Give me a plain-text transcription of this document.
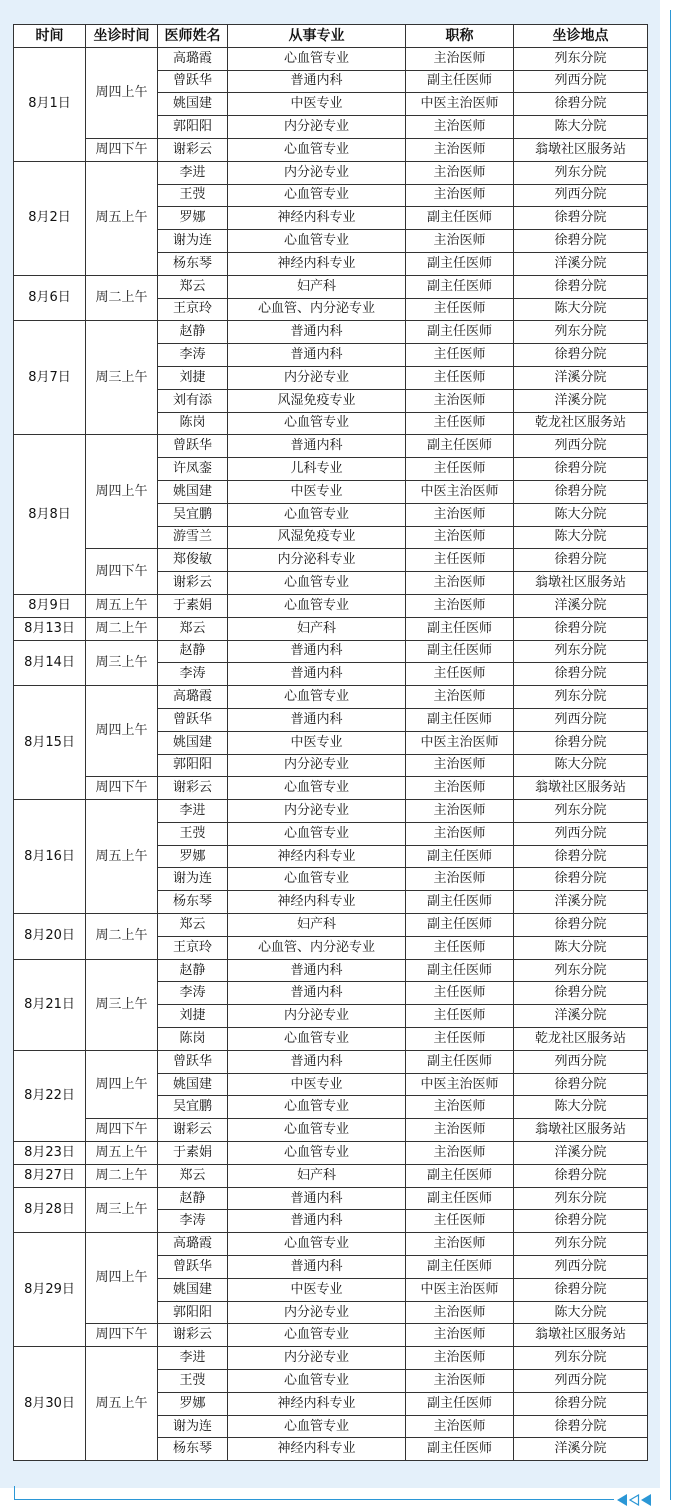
时间	坐诊时间	医师姓名	从事专业	职称	坐诊地点
8月1日	周四上午	高璐霞	心血管专业	主治医师	列东分院
		曾跃华	普通内科	副主任医师	列西分院
		姚国建	中医专业	中医主治医师	徐碧分院
		郭阳阳	内分泌专业	主治医师	陈大分院
	周四下午	谢彩云	心血管专业	主治医师	翁墩社区服务站
8月2日	周五上午	李进	内分泌专业	主治医师	列东分院
		王弢	心血管专业	主治医师	列西分院
		罗娜	神经内科专业	副主任医师	徐碧分院
		谢为连	心血管专业	主治医师	徐碧分院
		杨东琴	神经内科专业	副主任医师	洋溪分院
8月6日	周二上午	郑云	妇产科	副主任医师	徐碧分院
		王京玲	心血管、内分泌专业	主任医师	陈大分院
8月7日	周三上午	赵静	普通内科	副主任医师	列东分院
		李涛	普通内科	主任医师	徐碧分院
		刘捷	内分泌专业	主任医师	洋溪分院
		刘有添	风湿免疫专业	主治医师	洋溪分院
		陈岗	心血管专业	主任医师	乾龙社区服务站
8月8日	周四上午	曾跃华	普通内科	副主任医师	列西分院
		许凤銮	儿科专业	主任医师	徐碧分院
		姚国建	中医专业	中医主治医师	徐碧分院
		吴宜鹏	心血管专业	主治医师	陈大分院
		游雪兰	风湿免疫专业	主治医师	陈大分院
	周四下午	郑俊敏	内分泌科专业	主任医师	徐碧分院
		谢彩云	心血管专业	主治医师	翁墩社区服务站
8月9日	周五上午	于素娟	心血管专业	主治医师	洋溪分院
8月13日	周二上午	郑云	妇产科	副主任医师	徐碧分院
8月14日	周三上午	赵静	普通内科	副主任医师	列东分院
		李涛	普通内科	主任医师	徐碧分院
8月15日	周四上午	高璐霞	心血管专业	主治医师	列东分院
		曾跃华	普通内科	副主任医师	列西分院
		姚国建	中医专业	中医主治医师	徐碧分院
		郭阳阳	内分泌专业	主治医师	陈大分院
	周四下午	谢彩云	心血管专业	主治医师	翁墩社区服务站
8月16日	周五上午	李进	内分泌专业	主治医师	列东分院
		王弢	心血管专业	主治医师	列西分院
		罗娜	神经内科专业	副主任医师	徐碧分院
		谢为连	心血管专业	主治医师	徐碧分院
		杨东琴	神经内科专业	副主任医师	洋溪分院
8月20日	周二上午	郑云	妇产科	副主任医师	徐碧分院
		王京玲	心血管、内分泌专业	主任医师	陈大分院
8月21日	周三上午	赵静	普通内科	副主任医师	列东分院
		李涛	普通内科	主任医师	徐碧分院
		刘捷	内分泌专业	主任医师	洋溪分院
		陈岗	心血管专业	主任医师	乾龙社区服务站
8月22日	周四上午	曾跃华	普通内科	副主任医师	列西分院
		姚国建	中医专业	中医主治医师	徐碧分院
		吴宜鹏	心血管专业	主治医师	陈大分院
	周四下午	谢彩云	心血管专业	主治医师	翁墩社区服务站
8月23日	周五上午	于素娟	心血管专业	主治医师	洋溪分院
8月27日	周二上午	郑云	妇产科	副主任医师	徐碧分院
8月28日	周三上午	赵静	普通内科	副主任医师	列东分院
		李涛	普通内科	主任医师	徐碧分院
8月29日	周四上午	高璐霞	心血管专业	主治医师	列东分院
		曾跃华	普通内科	副主任医师	列西分院
		姚国建	中医专业	中医主治医师	徐碧分院
		郭阳阳	内分泌专业	主治医师	陈大分院
	周四下午	谢彩云	心血管专业	主治医师	翁墩社区服务站
8月30日	周五上午	李进	内分泌专业	主治医师	列东分院
		王弢	心血管专业	主治医师	列西分院
		罗娜	神经内科专业	副主任医师	徐碧分院
		谢为连	心血管专业	主治医师	徐碧分院
		杨东琴	神经内科专业	副主任医师	洋溪分院
